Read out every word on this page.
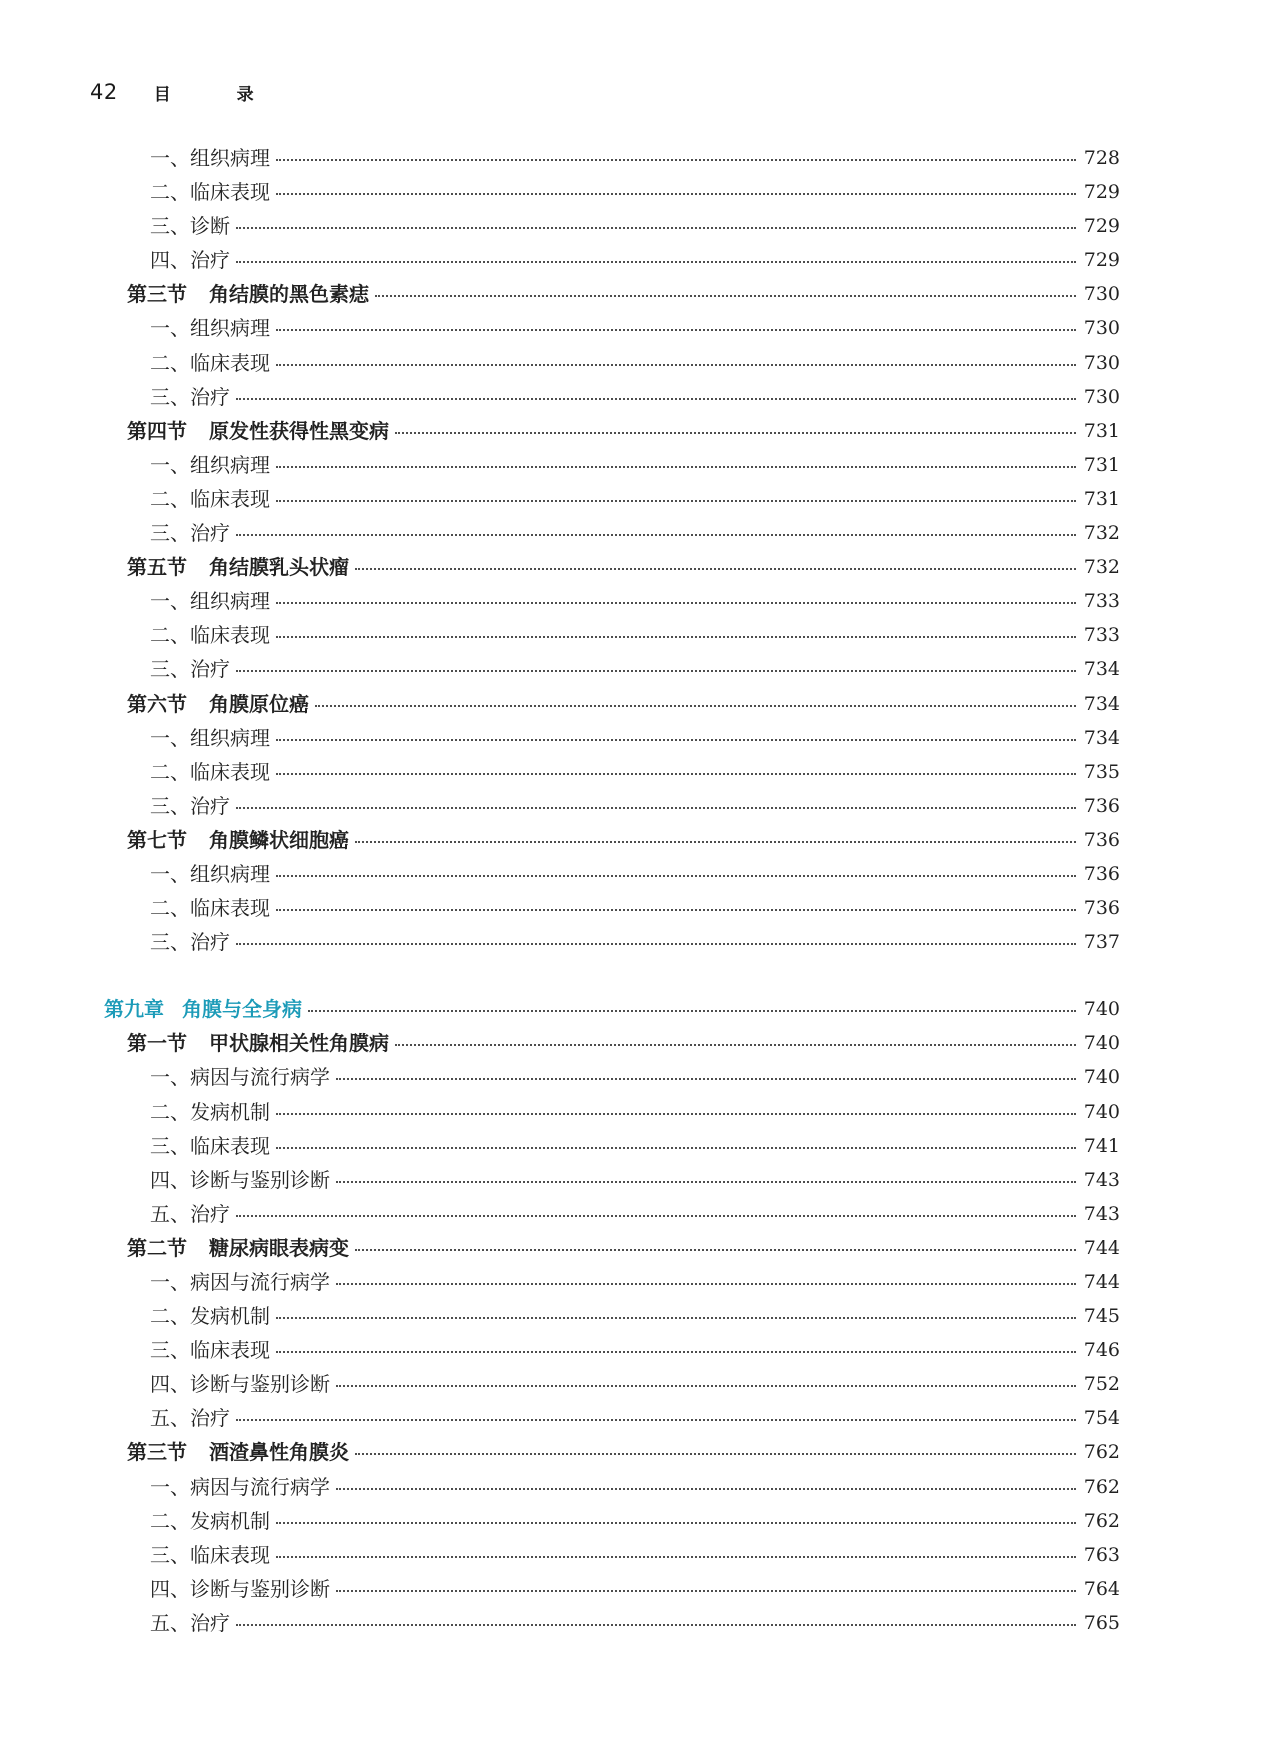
42 目 录
一、组织病理	728
二、临床表现	729
三、诊断	729
四、治疗	729
第三节 角结膜的黑色素痣	730
一、组织病理	730
二、临床表现	730
三、治疗	730
第四节 原发性获得性黑变病	731
一、组织病理	731
二、临床表现	731
三、治疗	732
第五节 角结膜乳头状瘤	732
一、组织病理	733
二、临床表现	733
三、治疗	734
第六节 角膜原位癌	734
一、组织病理	734
二、临床表现	735
三、治疗	736
第七节 角膜鳞状细胞癌	736
一、组织病理	736
二、临床表现	736
三、治疗	737
第九章 角膜与全身病	740
第一节 甲状腺相关性角膜病	740
一、病因与流行病学	740
二、发病机制	740
三、临床表现	741
四、诊断与鉴别诊断	743
五、治疗	743
第二节 糖尿病眼表病变	744
一、病因与流行病学	744
二、发病机制	745
三、临床表现	746
四、诊断与鉴别诊断	752
五、治疗	754
第三节 酒渣鼻性角膜炎	762
一、病因与流行病学	762
二、发病机制	762
三、临床表现	763
四、诊断与鉴别诊断	764
五、治疗	765
